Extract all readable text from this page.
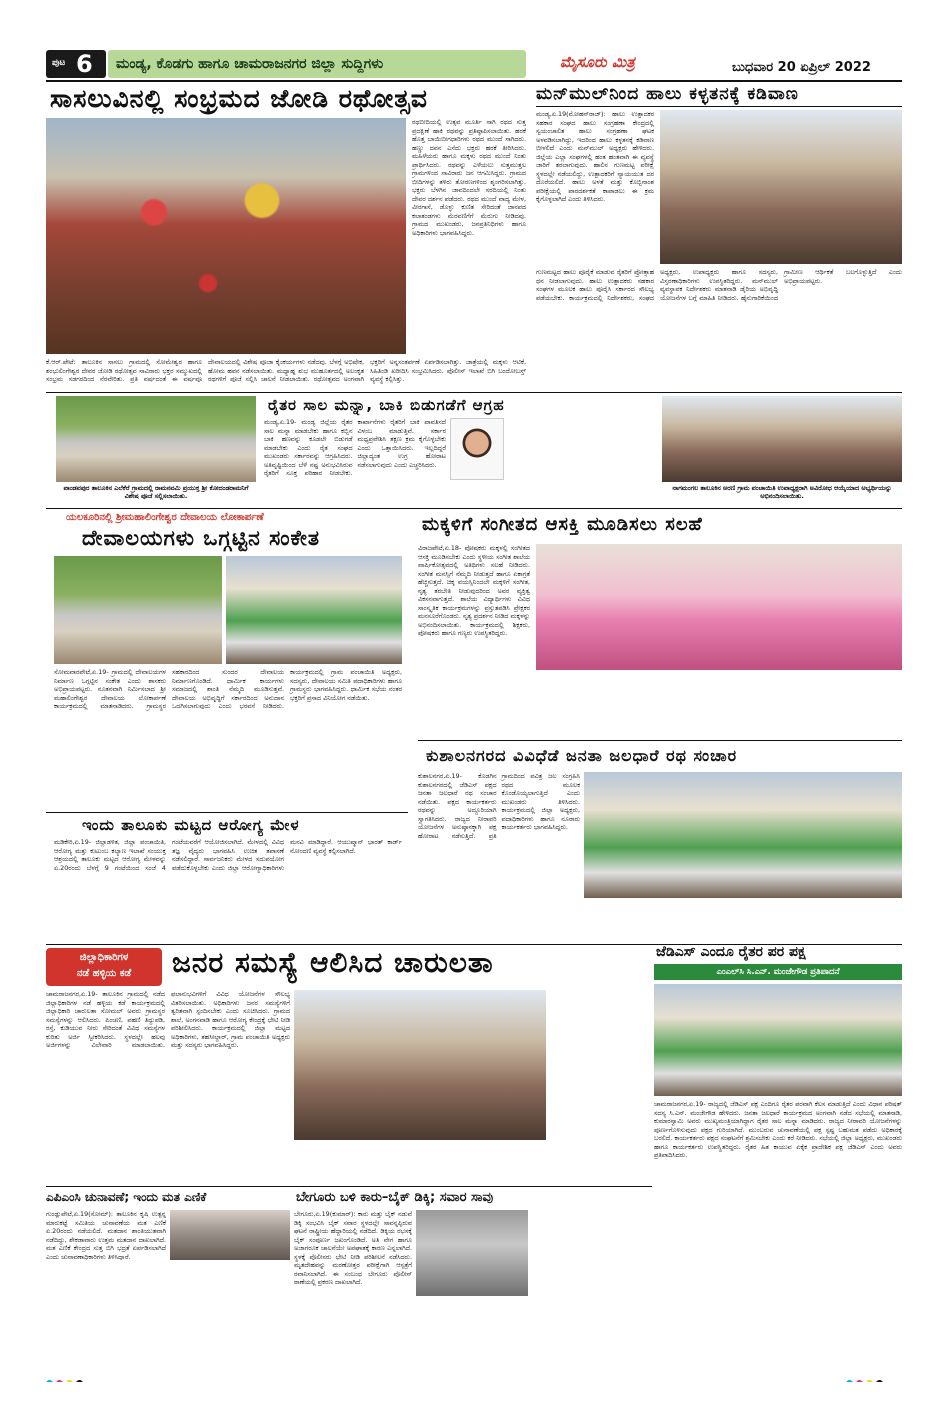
ಪುಟ 6 ಮಂಡ್ಯ, ಕೊಡಗು ಹಾಗೂ ಚಾಮರಾಜನಗರ ಜಿಲ್ಲಾ ಸುದ್ದಿಗಳು	ಮೈಸೂರು ಮಿತ್ರ	ಬುಧವಾರ 20 ಏಪ್ರಿಲ್ 2022
ಸಾಸಲುವಿನಲ್ಲಿ ಸಂಭ್ರಮದ ಜೋಡಿ ರಥೋತ್ಸವ
ರಥಬೀದಿಯಲ್ಲಿ ಉತ್ಸವ ಮೂರ್ತಿ ಸಾಗಿ ರಥದ ಸುತ್ತ ಪ್ರದಕ್ಷಿಣೆ ಹಾಕಿ ರಥವನ್ನು ಪ್ರತಿಷ್ಠಾಪಿಸಲಾಯಿತು. ಹರಕೆ ಹೊತ್ತ ಬಾಯಿಬೀಗಧಾರಿಗಳು ರಥದ ಮುಂದೆ ಸಾಗಿದರು. ಹಣ್ಣು ದವನ ಎಸೆದು ಭಕ್ತರು ಹರಕೆ ತೀರಿಸಿದರು. ಮಹಿಳೆಯರು ಹಾಗೂ ಮಕ್ಕಳು ರಥದ ಮುಂದೆ ನಿಂತು ಪ್ರಾರ್ಥಿಸಿದರು. ರಥವನ್ನು ಎಳೆಯಲು ಸುತ್ತಮುತ್ತಲ ಗ್ರಾಮಗಳಿಂದ ಸಾವಿರಾರು ಜನ ಆಗಮಿಸಿದ್ದರು. ಗ್ರಾಮದ ಬೀದಿಗಳನ್ನು ತಳಿರು ತೋರಣಗಳಿಂದ ಶೃಂಗರಿಸಲಾಗಿತ್ತು. ಭಕ್ತರು ಬೆಳಗಿನ ಜಾವದಿಂದಲೇ ಸರದಿಯಲ್ಲಿ ನಿಂತು ದೇವರ ದರ್ಶನ ಪಡೆದರು. ರಥದ ಮುಂದೆ ವಾದ್ಯ ಮೇಳ, ವೀರಗಾಸೆ, ಡೊಳ್ಳು ಕುಣಿತ ಸೇರಿದಂತೆ ಜಾನಪದ ಕಲಾತಂಡಗಳು ಮೆರವಣಿಗೆಗೆ ಮೆರುಗು ನೀಡಿದವು. ಗ್ರಾಮದ ಮುಖಂಡರು, ಜನಪ್ರತಿನಿಧಿಗಳು ಹಾಗೂ ಅಧಿಕಾರಿಗಳು ಭಾಗವಹಿಸಿದ್ದರು.
ಕೆ.ಆರ್.ಪೇಟೆ: ತಾಲೂಕಿನ ಸಾಸಲು ಗ್ರಾಮದಲ್ಲಿ ಸೋಮೇಶ್ವರ ಹಾಗೂ ಶಂಭುಲಿಂಗೇಶ್ವರ ದೇವರ ಜೋಡಿ ರಥೋತ್ಸವ ಸಾವಿರಾರು ಭಕ್ತರ ಸಮ್ಮುಖದಲ್ಲಿ ಸಂಭ್ರಮ ಸಡಗರದಿಂದ ನೆರವೇರಿತು. ಪ್ರತಿ ವರ್ಷದಂತೆ ಈ ವರ್ಷವೂ ದೇವಾಲಯದಲ್ಲಿ ವಿಶೇಷ ಪೂಜಾ ಕೈಂಕರ್ಯಗಳು ನಡೆದವು. ಬೆಳಗ್ಗೆ ಅಭಿಷೇಕ, ಹೋಮ ಹವನ ನಡೆಸಲಾಯಿತು. ಮಧ್ಯಾಹ್ನ ಶುಭ ಮುಹೂರ್ತದಲ್ಲಿ ಅಲಂಕೃತ ರಥಗಳಿಗೆ ಪೂಜೆ ಸಲ್ಲಿಸಿ ಚಾಲನೆ ನೀಡಲಾಯಿತು. ರಥೋತ್ಸವದ ಅಂಗವಾಗಿ ಭಕ್ತರಿಗೆ ಅನ್ನಸಂತರ್ಪಣೆ ಏರ್ಪಡಿಸಲಾಗಿತ್ತು. ಜಾತ್ರೆಯಲ್ಲಿ ಮಕ್ಕಳು ಆಟಿಕೆ, ಸಿಹಿತಿಂಡಿ ಖರೀದಿಸಿ ಸಂಭ್ರಮಿಸಿದರು. ಪೊಲೀಸ್ ಇಲಾಖೆ ಬಿಗಿ ಬಂದೋಬಸ್ತ್ ವ್ಯವಸ್ಥೆ ಕಲ್ಪಿಸಿತ್ತು.
ಮನ್‌ಮುಲ್‌ನಿಂದ ಹಾಲು ಕಳ್ಳತನಕ್ಕೆ ಕಡಿವಾಣ
ಮಂಡ್ಯ,ಏ.19(ಮೋಹನ್‌ರಾಜ್): ಹಾಲು ಉತ್ಪಾದಕರ ಸಹಕಾರ ಸಂಘದ ಹಾಲು ಸಂಗ್ರಹಣಾ ಕೇಂದ್ರದಲ್ಲಿ ಸ್ವಯಂಚಾಲಿತ ಹಾಲು ಸಂಗ್ರಹಣಾ ಘಟಕ ಅಳವಡಿಸಲಾಗಿದ್ದು, ಇದರಿಂದ ಹಾಲು ಕಳ್ಳತನಕ್ಕೆ ಕಡಿವಾಣ ಬೀಳಲಿದೆ ಎಂದು ಮನ್‌ಮುಲ್ ಅಧ್ಯಕ್ಷರು ಹೇಳಿದರು. ಜಿಲ್ಲೆಯ ಎಲ್ಲಾ ಸಂಘಗಳಲ್ಲಿ ಹಂತ ಹಂತವಾಗಿ ಈ ವ್ಯವಸ್ಥೆ ಜಾರಿಗೆ ತರಲಾಗುವುದು. ಹಾಲಿನ ಗುಣಮಟ್ಟ ಪರೀಕ್ಷೆ ಸ್ಥಳದಲ್ಲೇ ನಡೆಯಲಿದ್ದು, ಉತ್ಪಾದಕರಿಗೆ ನ್ಯಾಯಯುತ ದರ ದೊರೆಯಲಿದೆ. ಹಾಲು ಅಳತೆ ಮತ್ತು ಕೊಬ್ಬಿನಾಂಶ ಪರೀಕ್ಷೆಯಲ್ಲಿ ಪಾರದರ್ಶಕತೆ ಕಾಪಾಡಲು ಈ ಕ್ರಮ ಕೈಗೊಳ್ಳಲಾಗಿದೆ ಎಂದು ತಿಳಿಸಿದರು.
ಗುಣಮಟ್ಟದ ಹಾಲು ಪೂರೈಕೆ ಮಾಡುವ ರೈತರಿಗೆ ಪ್ರೋತ್ಸಾಹ ಧನ ನೀಡಲಾಗುವುದು. ಹಾಲು ಉತ್ಪಾದಕರು ಸಹಕಾರ ಸಂಘಗಳ ಮೂಲಕ ಹಾಲು ಪೂರೈಸಿ ಸರ್ಕಾರದ ಸೌಲಭ್ಯ ಪಡೆಯಬೇಕು. ಕಾರ್ಯಕ್ರಮದಲ್ಲಿ ನಿರ್ದೇಶಕರು, ಸಂಘದ ಅಧ್ಯಕ್ಷರು, ಉಪಾಧ್ಯಕ್ಷರು ಹಾಗೂ ಸದಸ್ಯರು, ವಿಸ್ತರಣಾಧಿಕಾರಿಗಳು ಉಪಸ್ಥಿತರಿದ್ದರು. ಮನ್‌ಮುಲ್ ವ್ಯವಸ್ಥಾಪಕ ನಿರ್ದೇಶಕರು ಮಾತನಾಡಿ ಡೈರಿಯ ಅಭಿವೃದ್ಧಿ ಯೋಜನೆಗಳ ಬಗ್ಗೆ ಮಾಹಿತಿ ನೀಡಿದರು. ಹೈನುಗಾರಿಕೆಯಿಂದ ಗ್ರಾಮೀಣ ಆರ್ಥಿಕತೆ ಬಲಗೊಳ್ಳುತ್ತಿದೆ ಎಂದು ಅಭಿಪ್ರಾಯಪಟ್ಟರು.
ಪಾಂಡವಪುರ ತಾಲೂಕಿನ ಎಲೆಕೆರೆ ಗ್ರಾಮದಲ್ಲಿ ರಾಮನವಮಿ ಪ್ರಯುಕ್ತ ಶ್ರೀ ಕೋದಂಡರಾಮನಿಗೆ ವಿಶೇಷ ಪೂಜೆ ಸಲ್ಲಿಸಲಾಯಿತು.
ರೈತರ ಸಾಲ ಮನ್ನಾ, ಬಾಕಿ ಬಿಡುಗಡೆಗೆ ಆಗ್ರಹ
ಮಂಡ್ಯ,ಏ.19- ಮಂಡ್ಯ ಜಿಲ್ಲೆಯ ರೈತರ ಸಾಲ ಮನ್ನಾ ಮಾಡಬೇಕು ಹಾಗೂ ಕಬ್ಬಿನ ಬಾಕಿ ಹಣವನ್ನು ಕೂಡಲೇ ಬಿಡುಗಡೆ ಮಾಡಬೇಕು ಎಂದು ರೈತ ಸಂಘದ ಮುಖಂಡರು ಸರ್ಕಾರವನ್ನು ಆಗ್ರಹಿಸಿದರು. ಅತಿವೃಷ್ಟಿಯಿಂದ ಬೆಳೆ ನಷ್ಟ ಅನುಭವಿಸಿರುವ ರೈತರಿಗೆ ಸೂಕ್ತ ಪರಿಹಾರ ನೀಡಬೇಕು. ಕಾರ್ಖಾನೆಗಳು ರೈತರಿಗೆ ಬಾಕಿ ಪಾವತಿಸದೆ ವಿಳಂಬ ಮಾಡುತ್ತಿವೆ. ಸರ್ಕಾರ ಮಧ್ಯಪ್ರವೇಶಿಸಿ ತಕ್ಷಣ ಕ್ರಮ ಕೈಗೊಳ್ಳಬೇಕು ಎಂದು ಒತ್ತಾಯಿಸಿದರು. ಇಲ್ಲದಿದ್ದರೆ ಜಿಲ್ಲಾದ್ಯಂತ ಉಗ್ರ ಹೋರಾಟ ನಡೆಸಲಾಗುವುದು ಎಂದು ಎಚ್ಚರಿಸಿದರು.
ನಾಗಮಂಗಲ ತಾಲೂಕಿನ ಅರಣಿ ಗ್ರಾಮ ಪಂಚಾಯಿತಿ ಉಪಾಧ್ಯಕ್ಷರಾಗಿ ಅವಿರೋಧ ಆಯ್ಕೆಯಾದ ಅಭ್ಯರ್ಥಿಯನ್ನು ಅಭಿನಂದಿಸಲಾಯಿತು.
ಯಲಕೂರಿನಲ್ಲಿ ಶ್ರೀಮಹಾಲಿಂಗೇಶ್ವರ ದೇವಾಲಯ ಲೋಕಾರ್ಪಣೆ
ದೇವಾಲಯಗಳು ಒಗ್ಗಟ್ಟಿನ ಸಂಕೇತ
ಸೋಮವಾರಪೇಟೆ,ಏ.19- ಗ್ರಾಮದಲ್ಲಿ ದೇವಾಲಯಗಳ ನಿರ್ಮಾಣ ಒಗ್ಗಟ್ಟಿನ ಸಂಕೇತ ಎಂದು ಶಾಸಕರು ಅಭಿಪ್ರಾಯಪಟ್ಟರು. ನೂತನವಾಗಿ ನಿರ್ಮಿಸಲಾದ ಶ್ರೀ ಮಹಾಲಿಂಗೇಶ್ವರ ದೇವಾಲಯ ಲೋಕಾರ್ಪಣೆ ಕಾರ್ಯಕ್ರಮದಲ್ಲಿ ಮಾತನಾಡಿದರು. ಗ್ರಾಮಸ್ಥರ ಸಹಕಾರದಿಂದ ಸುಂದರ ದೇವಾಲಯ ನಿರ್ಮಾಣಗೊಂಡಿದೆ. ಧಾರ್ಮಿಕ ಕಾರ್ಯಗಳು ಸಮಾಜದಲ್ಲಿ ಶಾಂತಿ ನೆಮ್ಮದಿ ಮೂಡಿಸುತ್ತವೆ. ದೇವಾಲಯ ಅಭಿವೃದ್ಧಿಗೆ ಸರ್ಕಾರದಿಂದ ಅನುದಾನ ಒದಗಿಸಲಾಗುವುದು ಎಂದು ಭರವಸೆ ನೀಡಿದರು. ಕಾರ್ಯಕ್ರಮದಲ್ಲಿ ಗ್ರಾಮ ಪಂಚಾಯಿತಿ ಅಧ್ಯಕ್ಷರು, ಸದಸ್ಯರು, ದೇವಾಲಯ ಸಮಿತಿ ಪದಾಧಿಕಾರಿಗಳು ಹಾಗೂ ಗ್ರಾಮಸ್ಥರು ಭಾಗವಹಿಸಿದ್ದರು. ಧಾರ್ಮಿಕ ಸಭೆಯ ನಂತರ ಭಕ್ತರಿಗೆ ಪ್ರಸಾದ ವಿನಿಯೋಗ ನಡೆಯಿತು.
ಮಕ್ಕಳಿಗೆ ಸಂಗೀತದ ಆಸಕ್ತಿ ಮೂಡಿಸಲು ಸಲಹೆ
ವಿರಾಜಪೇಟೆ,ಏ.18- ಪೋಷಕರು ಮಕ್ಕಳಲ್ಲಿ ಸಂಗೀತದ ಆಸಕ್ತಿ ಮೂಡಿಸಬೇಕು ಎಂದು ಸ್ಥಳೀಯ ಸಂಗೀತ ಶಾಲೆಯ ವಾರ್ಷಿಕೋತ್ಸವದಲ್ಲಿ ಅತಿಥಿಗಳು ಸಲಹೆ ನೀಡಿದರು. ಸಂಗೀತ ಮನಸ್ಸಿಗೆ ನೆಮ್ಮದಿ ನೀಡುತ್ತದೆ ಹಾಗೂ ಏಕಾಗ್ರತೆ ಹೆಚ್ಚಿಸುತ್ತದೆ. ಚಿಕ್ಕ ವಯಸ್ಸಿನಿಂದಲೇ ಮಕ್ಕಳಿಗೆ ಸಂಗೀತ, ನೃತ್ಯ ತರಬೇತಿ ನೀಡುವುದರಿಂದ ಅವರ ವ್ಯಕ್ತಿತ್ವ ವಿಕಸನವಾಗುತ್ತದೆ. ಶಾಲೆಯ ವಿದ್ಯಾರ್ಥಿಗಳು ವಿವಿಧ ಸಾಂಸ್ಕೃತಿಕ ಕಾರ್ಯಕ್ರಮಗಳನ್ನು ಪ್ರಸ್ತುತಪಡಿಸಿ ಪ್ರೇಕ್ಷಕರ ಮನಸೂರೆಗೊಂಡರು. ನೃತ್ಯ ಪ್ರದರ್ಶನ ನೀಡಿದ ಮಕ್ಕಳನ್ನು ಅಭಿನಂದಿಸಲಾಯಿತು. ಕಾರ್ಯಕ್ರಮದಲ್ಲಿ ಶಿಕ್ಷಕರು, ಪೋಷಕರು ಹಾಗೂ ಗಣ್ಯರು ಉಪಸ್ಥಿತರಿದ್ದರು.
ಕುಶಾಲನಗರದ ವಿವಿಧೆಡೆ ಜನತಾ ಜಲಧಾರೆ ರಥ ಸಂಚಾರ
ಕುಶಾಲನಗರ,ಏ.19- ಕೊಡಗಿನ ಕುಶಾಲನಗರದಲ್ಲಿ ಜೆಡಿಎಸ್ ಪಕ್ಷದ ಜನತಾ ಜಲಧಾರೆ ರಥ ಸಂಚಾರ ನಡೆಯಿತು. ಪಕ್ಷದ ಕಾರ್ಯಕರ್ತರು ರಥವನ್ನು ಅದ್ದೂರಿಯಾಗಿ ಸ್ವಾಗತಿಸಿದರು. ರಾಜ್ಯದ ನೀರಾವರಿ ಯೋಜನೆಗಳ ಅನುಷ್ಠಾನಕ್ಕಾಗಿ ಪಕ್ಷ ಹೋರಾಟ ನಡೆಸುತ್ತಿದೆ. ಪ್ರತಿ ಗ್ರಾಮದಿಂದ ಪವಿತ್ರ ಜಲ ಸಂಗ್ರಹಿಸಿ ರಥದ ಮೂಲಕ ಕೊಂಡೊಯ್ಯಲಾಗುತ್ತಿದೆ ಎಂದು ಮುಖಂಡರು ತಿಳಿಸಿದರು. ಕಾರ್ಯಕ್ರಮದಲ್ಲಿ ಜಿಲ್ಲಾ ಅಧ್ಯಕ್ಷರು, ಪದಾಧಿಕಾರಿಗಳು ಹಾಗೂ ನೂರಾರು ಕಾರ್ಯಕರ್ತರು ಭಾಗವಹಿಸಿದ್ದರು.
ಇಂದು ತಾಲೂಕು ಮಟ್ಟದ ಆರೋಗ್ಯ ಮೇಳ
ಮಡಿಕೇರಿ,ಏ.19- ಜಿಲ್ಲಾಡಳಿತ, ಜಿಲ್ಲಾ ಪಂಚಾಯಿತಿ, ಆರೋಗ್ಯ ಮತ್ತು ಕುಟುಂಬ ಕಲ್ಯಾಣ ಇಲಾಖೆ ಸಂಯುಕ್ತ ಆಶ್ರಯದಲ್ಲಿ ತಾಲೂಕು ಮಟ್ಟದ ಆರೋಗ್ಯ ಮೇಳವನ್ನು ಏ.20ರಂದು ಬೆಳಗ್ಗೆ 9 ಗಂಟೆಯಿಂದ ಸಂಜೆ 4 ಗಂಟೆಯವರೆಗೆ ಆಯೋಜಿಸಲಾಗಿದೆ. ಮೇಳದಲ್ಲಿ ವಿವಿಧ ತಜ್ಞ ವೈದ್ಯರು ಭಾಗವಹಿಸಿ ಉಚಿತ ತಪಾಸಣೆ ನಡೆಸಲಿದ್ದಾರೆ. ಸಾರ್ವಜನಿಕರು ಮೇಳದ ಸದುಪಯೋಗ ಪಡೆದುಕೊಳ್ಳಬೇಕು ಎಂದು ಜಿಲ್ಲಾ ಆರೋಗ್ಯಾಧಿಕಾರಿಗಳು ಮನವಿ ಮಾಡಿದ್ದಾರೆ. ಆಯುಷ್ಮಾನ್ ಭಾರತ್ ಕಾರ್ಡ್ ನೋಂದಣಿ ವ್ಯವಸ್ಥೆ ಕಲ್ಪಿಸಲಾಗಿದೆ.
ಜಿಲ್ಲಾಧಿಕಾರಿಗಳ
ನಡೆ ಹಳ್ಳಿಯ ಕಡೆ	ಜನರ ಸಮಸ್ಯೆ ಆಲಿಸಿದ ಚಾರುಲತಾ
ಚಾಮರಾಜನಗರ,ಏ.19- ತಾಲೂಕಿನ ಗ್ರಾಮದಲ್ಲಿ ನಡೆದ ಜಿಲ್ಲಾಧಿಕಾರಿಗಳ ನಡೆ ಹಳ್ಳಿಯ ಕಡೆ ಕಾರ್ಯಕ್ರಮದಲ್ಲಿ ಜಿಲ್ಲಾಧಿಕಾರಿ ಚಾರುಲತಾ ಸೋಮಲ್ ಅವರು ಗ್ರಾಮಸ್ಥರ ಸಮಸ್ಯೆಗಳನ್ನು ಆಲಿಸಿದರು. ಪಿಂಚಣಿ, ಪಹಣಿ ತಿದ್ದುಪಡಿ, ರಸ್ತೆ, ಕುಡಿಯುವ ನೀರು ಸೇರಿದಂತೆ ವಿವಿಧ ಸಮಸ್ಯೆಗಳ ಕುರಿತು ಅರ್ಜಿ ಸ್ವೀಕರಿಸಿದರು. ಸ್ಥಳದಲ್ಲೇ ಹಲವು ಅರ್ಜಿಗಳನ್ನು ವಿಲೇವಾರಿ ಮಾಡಲಾಯಿತು. ಫಲಾನುಭವಿಗಳಿಗೆ ವಿವಿಧ ಯೋಜನೆಗಳ ಸೌಲಭ್ಯ ವಿತರಿಸಲಾಯಿತು. ಅಧಿಕಾರಿಗಳು ಜನರ ಸಮಸ್ಯೆಗಳಿಗೆ ತ್ವರಿತವಾಗಿ ಸ್ಪಂದಿಸಬೇಕು ಎಂದು ಸೂಚಿಸಿದರು. ಗ್ರಾಮದ ಶಾಲೆ, ಅಂಗನವಾಡಿ ಹಾಗೂ ಆರೋಗ್ಯ ಕೇಂದ್ರಕ್ಕೆ ಭೇಟಿ ನೀಡಿ ಪರಿಶೀಲಿಸಿದರು. ಕಾರ್ಯಕ್ರಮದಲ್ಲಿ ಜಿಲ್ಲಾ ಮಟ್ಟದ ಅಧಿಕಾರಿಗಳು, ತಹಸೀಲ್ದಾರ್, ಗ್ರಾಮ ಪಂಚಾಯಿತಿ ಅಧ್ಯಕ್ಷರು ಮತ್ತು ಸದಸ್ಯರು ಭಾಗವಹಿಸಿದ್ದರು.
ಜೆಡಿಎಸ್ ಎಂದೂ ರೈತರ ಪರ ಪಕ್ಷ
ಎಂಎಲ್‌ಸಿ ಸಿ.ಎನ್. ಮಂಜೇಗೌಡ ಪ್ರತಿಪಾದನೆ
ಚಾಮರಾಜನಗರ,ಏ.19- ರಾಜ್ಯದಲ್ಲಿ ಜೆಡಿಎಸ್ ಪಕ್ಷ ಎಂದಿಗೂ ರೈತರ ಪರವಾಗಿ ಕೆಲಸ ಮಾಡುತ್ತಿದೆ ಎಂದು ವಿಧಾನ ಪರಿಷತ್ ಸದಸ್ಯ ಸಿ.ಎನ್. ಮಂಜೇಗೌಡ ಹೇಳಿದರು. ಜನತಾ ಜಲಧಾರೆ ಕಾರ್ಯಕ್ರಮದ ಅಂಗವಾಗಿ ನಡೆದ ಸಭೆಯಲ್ಲಿ ಮಾತನಾಡಿ, ಕುಮಾರಸ್ವಾಮಿ ಅವರು ಮುಖ್ಯಮಂತ್ರಿಯಾಗಿದ್ದಾಗ ರೈತರ ಸಾಲ ಮನ್ನಾ ಮಾಡಿದರು. ರಾಜ್ಯದ ನೀರಾವರಿ ಯೋಜನೆಗಳನ್ನು ಪೂರ್ಣಗೊಳಿಸುವುದು ಪಕ್ಷದ ಗುರಿಯಾಗಿದೆ. ಮುಂಬರುವ ಚುನಾವಣೆಯಲ್ಲಿ ಪಕ್ಷ ಸ್ಪಷ್ಟ ಬಹುಮತ ಪಡೆದು ಅಧಿಕಾರಕ್ಕೆ ಬರಲಿದೆ. ಕಾರ್ಯಕರ್ತರು ಪಕ್ಷದ ಸಂಘಟನೆಗೆ ಶ್ರಮಿಸಬೇಕು ಎಂದು ಕರೆ ನೀಡಿದರು. ಸಭೆಯಲ್ಲಿ ಜಿಲ್ಲಾ ಅಧ್ಯಕ್ಷರು, ಮುಖಂಡರು ಹಾಗೂ ಕಾರ್ಯಕರ್ತರು ಉಪಸ್ಥಿತರಿದ್ದರು. ರೈತರ ಹಿತ ಕಾಯುವ ಏಕೈಕ ಪ್ರಾದೇಶಿಕ ಪಕ್ಷ ಜೆಡಿಎಸ್ ಎಂದು ಅವರು ಪ್ರತಿಪಾದಿಸಿದರು.
ಎಪಿಎಂಸಿ ಚುನಾವಣೆ; ಇಂದು ಮತ ಎಣಿಕೆ
ಗುಂಡ್ಲುಪೇಟೆ,ಏ.19(ಸೋಮ್): ತಾಲೂಕಿನ ಕೃಷಿ ಉತ್ಪನ್ನ ಮಾರುಕಟ್ಟೆ ಸಮಿತಿಯ ಚುನಾವಣೆಯ ಮತ ಎಣಿಕೆ ಏ.20ರಂದು ನಡೆಯಲಿದೆ. ಮತದಾನ ಶಾಂತಿಯುತವಾಗಿ ನಡೆದಿದ್ದು, ಶೇಕಡಾವಾರು ಉತ್ತಮ ಮತದಾನ ದಾಖಲಾಗಿದೆ. ಮತ ಎಣಿಕೆ ಕೇಂದ್ರದ ಸುತ್ತ ಬಿಗಿ ಭದ್ರತೆ ಏರ್ಪಡಿಸಲಾಗಿದೆ ಎಂದು ಚುನಾವಣಾಧಿಕಾರಿಗಳು ತಿಳಿಸಿದ್ದಾರೆ.
ಬೇಗೂರು ಬಳಿ ಕಾರು–ಬೈಕ್ ಡಿಕ್ಕಿ; ಸವಾರ ಸಾವು
ಬೇಗೂರು,ಏ.19(ಕುಮಾರ್): ಕಾರು ಮತ್ತು ಬೈಕ್ ನಡುವೆ ಡಿಕ್ಕಿ ಸಂಭವಿಸಿ ಬೈಕ್ ಸವಾರ ಸ್ಥಳದಲ್ಲೇ ಸಾವನ್ನಪ್ಪಿರುವ ಘಟನೆ ರಾಷ್ಟ್ರೀಯ ಹೆದ್ದಾರಿಯಲ್ಲಿ ನಡೆದಿದೆ. ಡಿಕ್ಕಿಯ ರಭಸಕ್ಕೆ ಬೈಕ್ ಸಂಪೂರ್ಣ ಜಖಂಗೊಂಡಿದೆ. ಅತಿ ವೇಗ ಹಾಗೂ ಅಜಾಗರೂಕ ಚಾಲನೆಯೇ ಅಪಘಾತಕ್ಕೆ ಕಾರಣ ಎನ್ನಲಾಗಿದೆ. ಸ್ಥಳಕ್ಕೆ ಪೊಲೀಸರು ಭೇಟಿ ನೀಡಿ ಪರಿಶೀಲನೆ ನಡೆಸಿದರು. ಮೃತದೇಹವನ್ನು ಮರಣೋತ್ತರ ಪರೀಕ್ಷೆಗಾಗಿ ಆಸ್ಪತ್ರೆಗೆ ರವಾನಿಸಲಾಗಿದೆ. ಈ ಸಂಬಂಧ ಬೇಗೂರು ಪೊಲೀಸ್ ಠಾಣೆಯಲ್ಲಿ ಪ್ರಕರಣ ದಾಖಲಾಗಿದೆ.
